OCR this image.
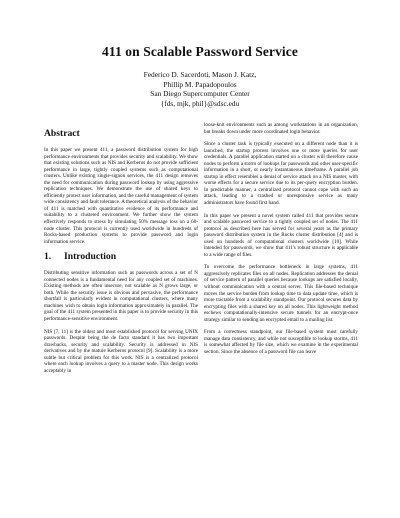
411 on Scalable Password Service
Federico D. Sacerdoti, Mason J. Katz,
Phillip M. Papadopoulos
San Diego Supercomputer Center
{fds, mjk, phil}@sdsc.edu
Abstract

In this paper we present 411, a password distribution system for high performance environments that provides security and scalability. We show that existing solutions such as NIS and Kerberos do not provide sufficient performance in large, tightly coupled systems such as computational clusters. Unlike existing single-signon services, the 411 design removes the need for communication during password lookup by using aggressive replication techniques. We demonstrate the use of shared keys to efficiently protect user information, and the careful management of system wide consistency and fault tolerance. A theoretical analysis of the behavior of 411 is matched with quantitative evidence of its performance and suitability to a clustered environment. We further show the system effectively responds to stress by simulating 50% message loss on a 60-node cluster. This protocol is currently used worldwide in hundreds of Rocks-based production systems to provide password and login information service.

1. Introduction

Distributing sensitive information such as passwords across a set of N connected nodes is a fundamental need for any coupled set of machines. Existing methods are often insecure, not scalable as N grows large, or both. While the security issue is obvious and pervasive, the performance shortfall is particularly evident in computational clusters, where many machines wish to obtain login information approximately in parallel. The goal of the 411 system presented in this paper is to provide security in this performance-sensitive environment.

NIS [7, 11] is the oldest and most established protocol for serving UNIX passwords. Despite being the de facto standard it has two important drawbacks, security and scalability. Security is addressed in NIS derivatives and by the mature Kerberos protocol [9]. Scalability is a more subtle but critical problem for this work. NIS is a centralized protocol where each lookup involves a query to a master node. This design works acceptably in

loose-knit environments such as among workstations in an organization, but breaks down under more coordinated login behavior.

Since a cluster task is typically executed on a different node than it is launched, the startup process involves one or more queries for user credentials. A parallel application started on a cluster will therefore cause nodes to perform a storm of lookups for passwords and other user-specific information in a short, or nearly instantaneous timeframe. A parallel job startup in effect resembles a denial of service attack on a NIS master, with worse effects for a secure service due to its per-query encryption burden. In predictable manner, a centralized protocol cannot cope with such an attack, leading to a crashed or unresponsive service as many administrators have found first hand.

In this paper we present a novel system called 411 that provides secure and scalable password service to a tightly coupled set of nodes. The 411 protocol as described here has served for several years as the primary password distribution system in the Rocks cluster distribution [4] and is used on hundreds of computational clusters worldwide [10]. While intended for passwords, we show that 411's robust structure is applicable to a wide range of files.

To overcome the performance bottleneck in large systems, 411 aggressively replicates files on all nodes. Replication addresses the denial of service pattern of parallel queries because lookups are satisfied locally, without communication with a central server. This file-based technique moves the service burden from lookup time to data update time, which is more tractable from a scalability standpoint. Our protocol secures data by encrypting files with a shared key on all nodes. This lightweight method eschews computationally-intensive secure tunnels for an encrypt-once strategy similar to sending an encrypted email to a mailing list.

From a correctness standpoint, our file-based system must carefully manage data consistency, and while not susceptible to lookup storms, 411 is somewhat affected by file size, which we examine in the experimental section. Since the absence of a password file can leave
